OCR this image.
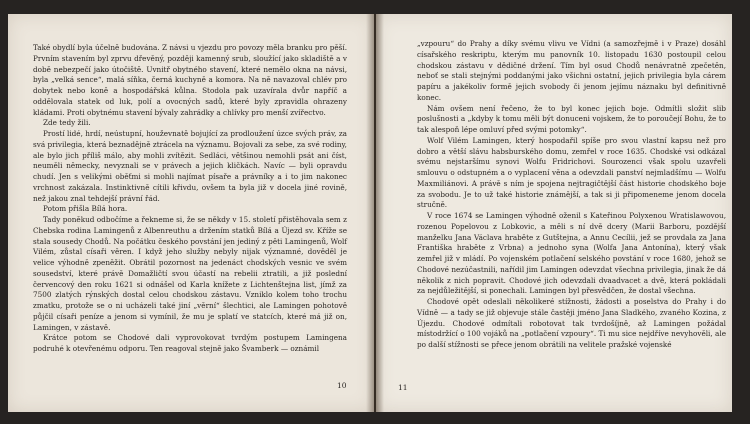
Také obydlí byla účelně budována. Z návsi u vjezdu pro povozy měla branku pro pěší. Prvním stavením byl zprvu dřevěný, později kamenný srub, sloužící jako skladiště a v době nebezpečí jako útočiště. Uvnitř obytného stavení, které nemělo okna na návsi, byla „velká sence“, malá síňka, černá kuchyně a komora. Na ně navazoval chlév pro dobytek nebo koně a hospodářská kůlna. Stodola pak uzavírala dvůr napříč a oddělovala statek od luk, polí a ovocných sadů, které byly zpravidla ohrazeny kládami. Proti obytnému stavení bývaly zahrádky a chlívky pro menší zvířectvo.

Zde tedy žili.

Prostí lidé, hrdí, neústupní, houževnatě bojující za prodloužení úzce svých práv, za svá privilegia, která beznadějně ztrácela na významu. Bojovali za sebe, za své rodiny, ale bylo jich příliš málo, aby mohli zvítězit. Sedláci, většinou nemohli psát ani číst, neuměli německy, nevyznali se v právech a jejich kličkách. Navíc — byli opravdu chudí. Jen s velikými oběťmi si mohli najímat písaře a právníky a i to jim nakonec vrchnost zakázala. Instinktivně cítili křivdu, ovšem ta byla již v docela jiné rovině, než jakou znal tehdejší právní řád.

Potom přišla Bílá hora.

Tady poněkud odbočíme a řekneme si, že se někdy v 15. století přistěhovala sem z Chebska rodina Lamingenů z Albenreuthu a držením statků Bílá a Újezd sv. Kříže se stala sousedy Chodů. Na počátku českého povstání jen jediný z pěti Lamingenů, Wolf Vilém, zůstal císaři věren. I když jeho služby nebyly nijak významné, dověděl je velice výhodně zpeněžit. Obrátil pozornost na jedenáct chodských vesnic ve svém sousedství, které právě Domažličtí svou účastí na rebelii ztratili, a již poslední červencový den roku 1621 si odnášel od Karla knížete z Lichtenštejna list, jímž za 7500 zlatých rýnských dostal celou chodskou zástavu. Vzniklo kolem toho trochu zmatku, protože se o ni ucházeli také jiní „věrní“ šlechtici, ale Lamingen pohotově půjčil císaři peníze a jenom si vymínil, že mu je splatí ve statcích, které má již on, Lamingen, v zástavě.

Krátce potom se Chodové dali vyprovokovat tvrdým postupem Lamingena podruhé k otevřenému odporu. Ten reagoval stejně jako Švamberk — oznámil

10

„vzpouru“ do Prahy a díky svému vlivu ve Vídni (a samozřejmě i v Praze) dosáhl císařského reskriptu, kterým mu panovník 10. listopadu 1630 postoupil celou chodskou zástavu v dědičné držení. Tím byl osud Chodů nenávratně zpečetěn, neboť se stali stejnými poddanými jako všichni ostatní, jejich privilegia byla cárem papíru a jakékoliv formě jejich svobody či jenom jejímu náznaku byl definitivně konec.

Nám ovšem není řečeno, že to byl konec jejich boje. Odmítli složit slib poslušnosti a „kdyby k tomu měli být donuceni vojskem, že to poroučejí Bohu, že to tak alespoň lépe omluví před svými potomky“.

Wolf Vilém Lamingen, který hospodařil spíše pro svou vlastní kapsu než pro dobro a větší slávu habsburského domu, zemřel v roce 1635. Chodské vsi odkázal svému nejstaršímu synovi Wolfu Fridrichovi. Sourozenci však spolu uzavřeli smlouvu o odstupném a o vyplacení věna a odevzdali panství nejmladšímu — Wolfu Maxmiliánovi. A právě s ním je spojena nejtragičtější část historie chodského boje za svobodu. Je to už také historie známější, a tak si ji připomeneme jenom docela stručně.

V roce 1674 se Lamingen výhodně oženil s Kateřinou Polyxenou Wratislawovou, rozenou Popelovou z Lobkovic, a měli s ní dvě dcery (Marii Barboru, pozdější manželku Jana Václava hraběte z Gutštejna, a Annu Cecílii, jež se provdala za Jana Františka hraběte z Vrbna) a jednoho syna (Wolfa Jana Antonína), který však zemřel již v mládí. Po vojenském potlačení selského povstání v roce 1680, jehož se Chodové nezúčastnili, nařídil jim Lamingen odevzdat všechna privilegia, jinak že dá několik z nich popravit. Chodové jich odevzdali dvaadvacet a dvě, která pokládali za nejdůležitější, si ponechali. Lamingen byl přesvědčen, že dostal všechna.

Chodové opět odeslali několikeré stížnosti, žádosti a poselstva do Prahy i do Vídně — a tady se již objevuje stále častěji jméno Jana Sladkého, zvaného Kozina, z Újezdu. Chodové odmítali robotovat tak tvrdošíjně, až Lamingen požádal místodržící o 100 vojáků na „potlačení vzpoury“. Ti mu sice nejdříve nevyhověli, ale po další stížnosti se přece jenom obrátili na velitele pražské vojenské

11
